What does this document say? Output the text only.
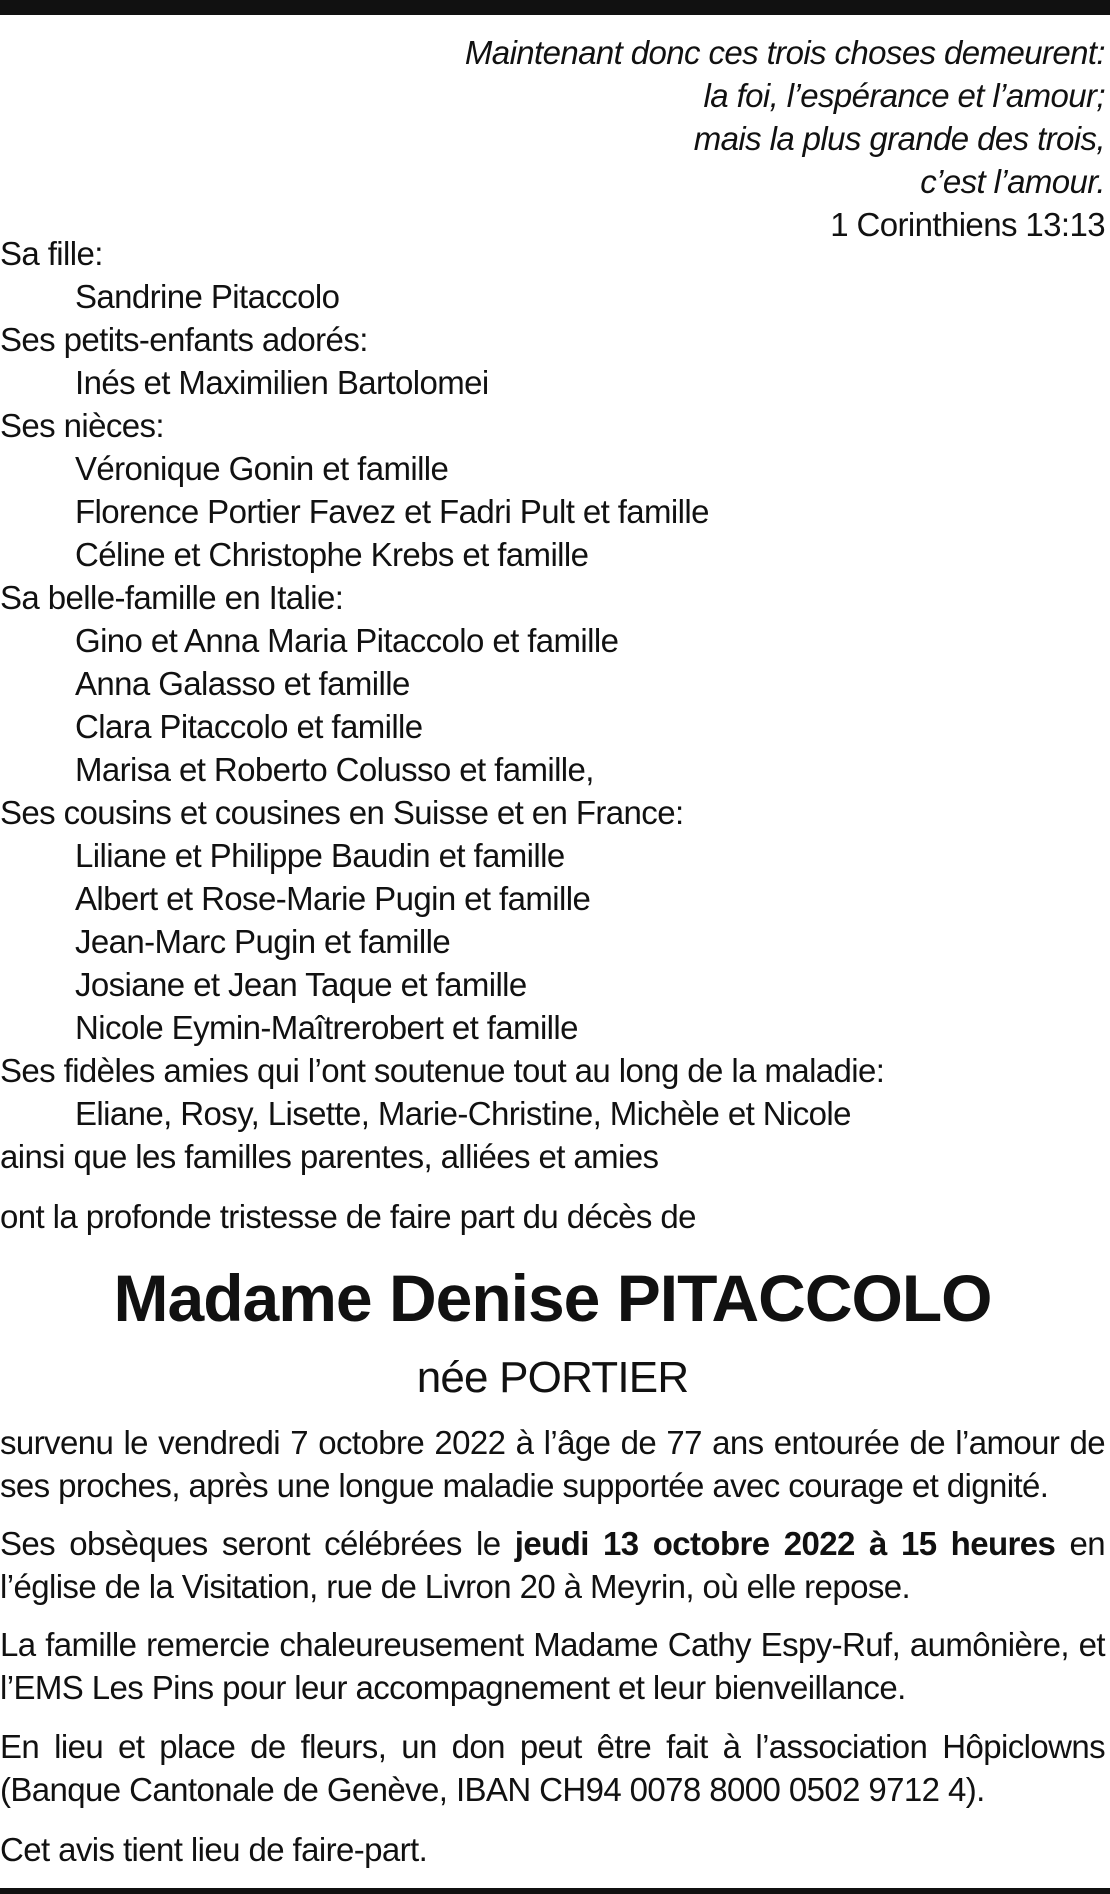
Maintenant donc ces trois choses demeurent:
la foi, l’espérance et l’amour;
mais la plus grande des trois,
c’est l’amour.
1 Corinthiens 13:13
Sa fille:
Sandrine Pitaccolo
Ses petits-enfants adorés:
Inés et Maximilien Bartolomei
Ses nièces:
Véronique Gonin et famille
Florence Portier Favez et Fadri Pult et famille
Céline et Christophe Krebs et famille
Sa belle-famille en Italie:
Gino et Anna Maria Pitaccolo et famille
Anna Galasso et famille
Clara Pitaccolo et famille
Marisa et Roberto Colusso et famille,
Ses cousins et cousines en Suisse et en France:
Liliane et Philippe Baudin et famille
Albert et Rose-Marie Pugin et famille
Jean-Marc Pugin et famille
Josiane et Jean Taque et famille
Nicole Eymin-Maîtrerobert et famille
Ses fidèles amies qui l’ont soutenue tout au long de la maladie:
Eliane, Rosy, Lisette, Marie-Christine, Michèle et Nicole
ainsi que les familles parentes, alliées et amies
ont la profonde tristesse de faire part du décès de
Madame Denise PITACCOLO
née PORTIER
survenu le vendredi 7 octobre 2022 à l’âge de 77 ans entourée de l’amour de ses proches, après une longue maladie supportée avec courage et dignité.
Ses obsèques seront célébrées le jeudi 13 octobre 2022 à 15 heures en l’église de la Visitation, rue de Livron 20 à Meyrin, où elle repose.
La famille remercie chaleureusement Madame Cathy Espy-Ruf, aumônière, et l’EMS Les Pins pour leur accompagnement et leur bienveillance.
En lieu et place de fleurs, un don peut être fait à l’association Hôpiclowns (Banque Cantonale de Genève, IBAN CH94 0078 8000 0502 9712 4).
Cet avis tient lieu de faire-part.
